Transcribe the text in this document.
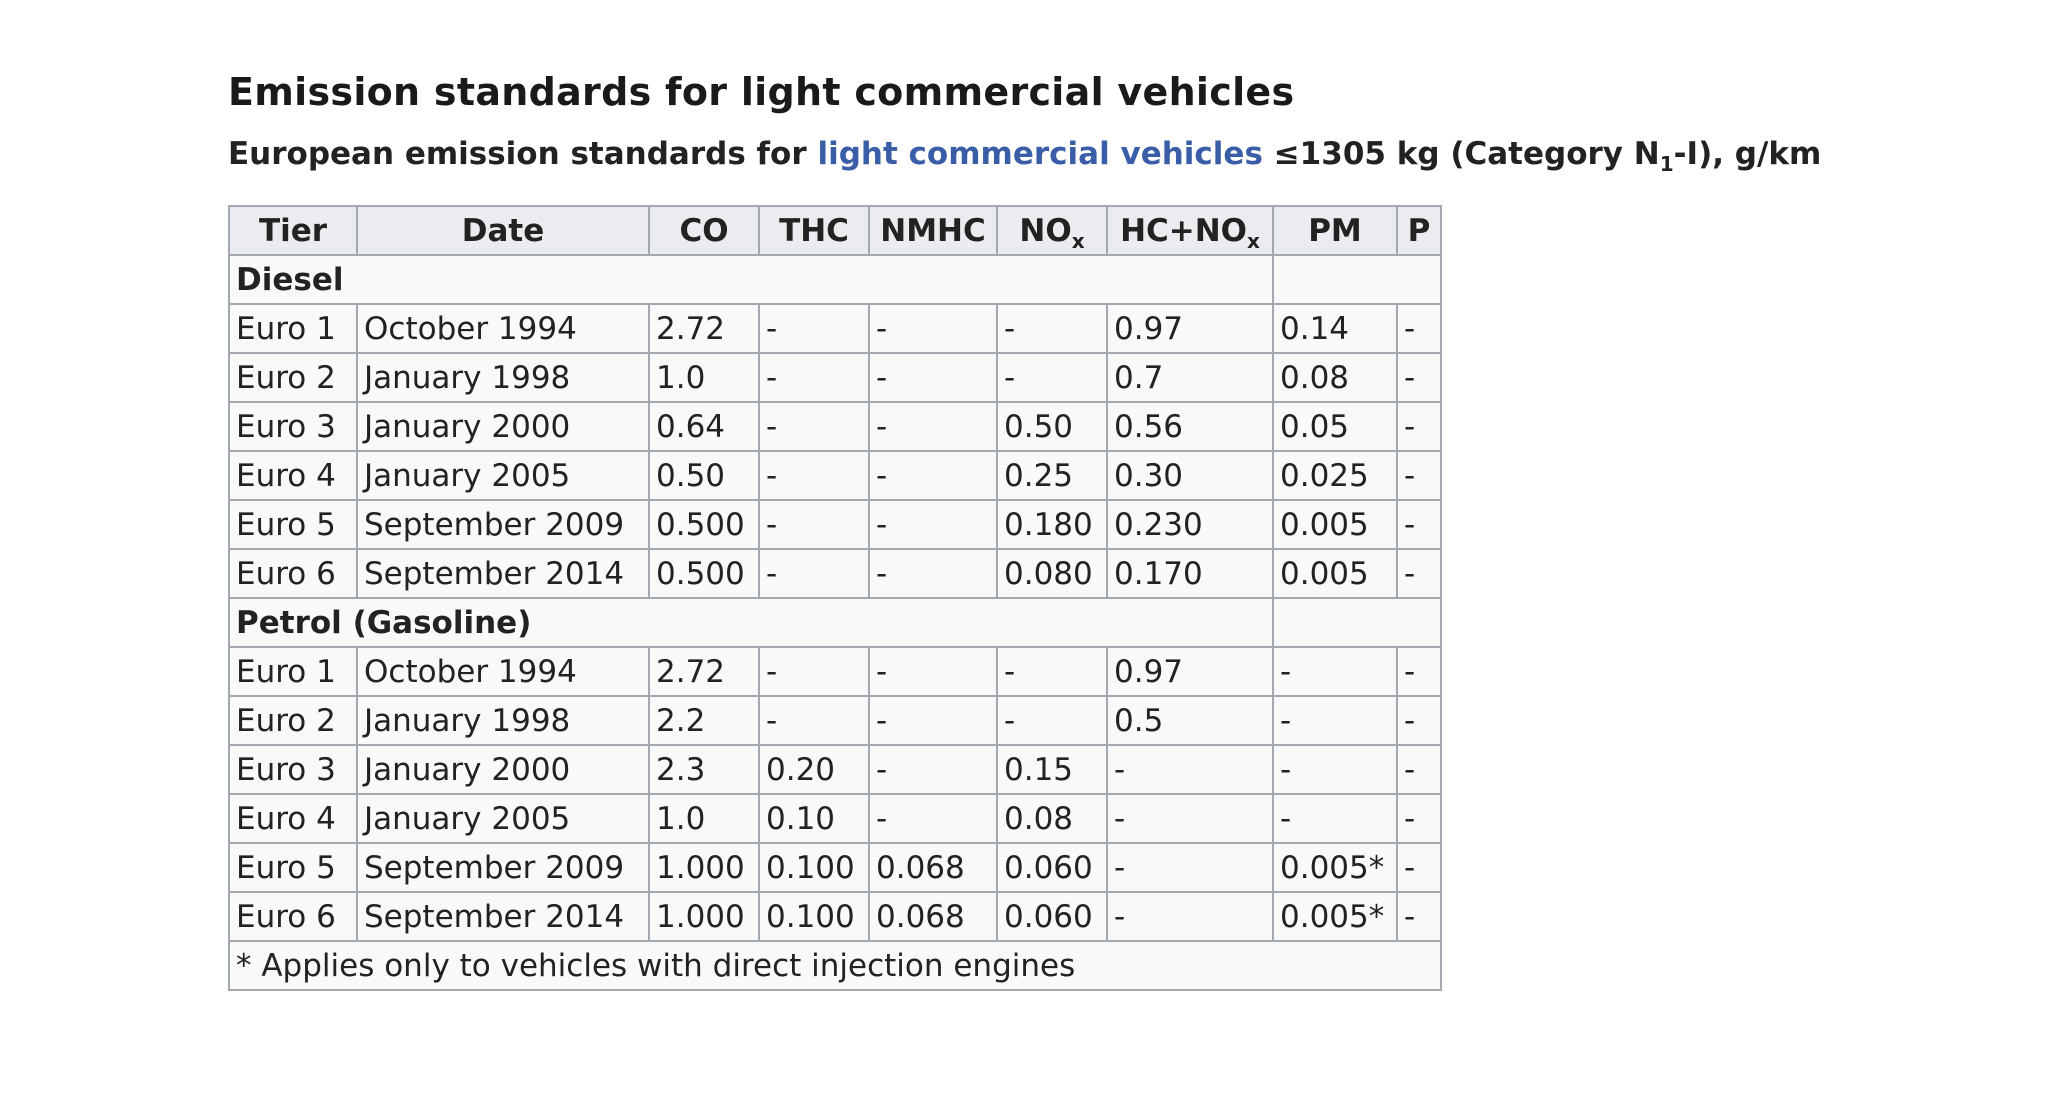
Emission standards for light commercial vehicles
European emission standards for light commercial vehicles ≤1305 kg (Category $N_1-I$), g/km
Tier	Date	CO	THC	NMHC	$NO_x$	$HC+NO_x$	PM	P
Diesel								
Euro 1	October 1994	2.72	-	-	-	0.97	0.14	-
Euro 2	January 1998	1.0	-	-	-	0.7	0.08	-
Euro 3	January 2000	0.64	-	-	0.50	0.56	0.05	-
Euro 4	January 2005	0.50	-	-	0.25	0.30	0.025	-
Euro 5	September 2009	0.500	-	-	0.180	0.230	0.005	-
Euro 6	September 2014	0.500	-	-	0.080	0.170	0.005	-
Petrol (Gasoline)								
Euro 1	October 1994	2.72	-	-	-	0.97	-	-
Euro 2	January 1998	2.2	-	-	-	0.5	-	-
Euro 3	January 2000	2.3	0.20	-	0.15	-	-	-
Euro 4	January 2005	1.0	0.10	-	0.08	-	-	-
Euro 5	September 2009	1.000	0.100	0.068	0.060	-	0.005*	-
Euro 6	September 2014	1.000	0.100	0.068	0.060	-	0.005*	-
* Applies only to vehicles with direct injection engines								
